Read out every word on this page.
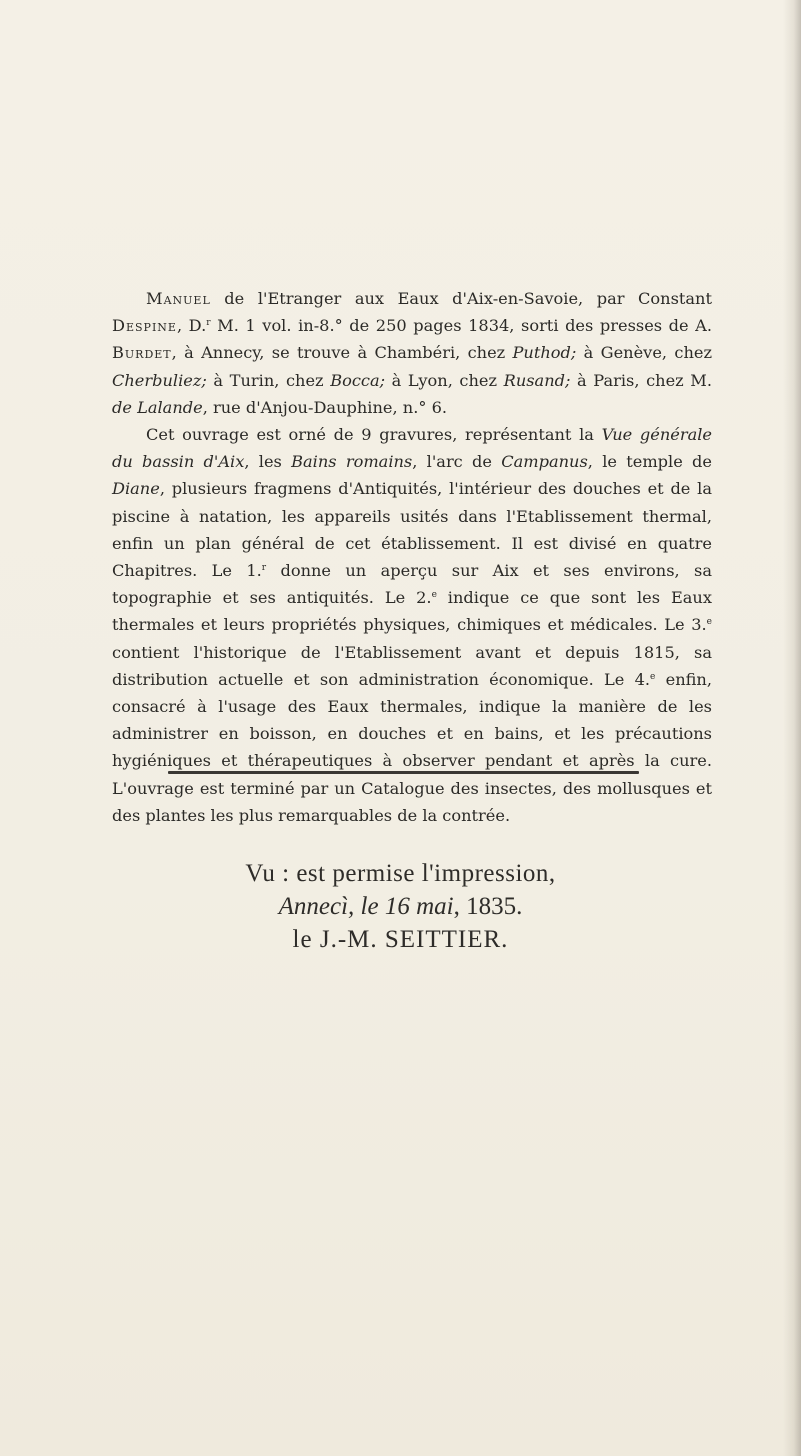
Manuel de l'Etranger aux Eaux d'Aix-en-Savoie, par Constant Despine, D.$^r$ M. 1 vol. in-8.° de 250 pages 1834, sorti des presses de A. Burdet, à Annecy, se trouve à Chambéri, chez Puthod; à Genève, chez Cherbuliez; à Turin, chez Bocca; à Lyon, chez Rusand; à Paris, chez M. de Lalande, rue d'Anjou-Dauphine, n.° 6.

Cet ouvrage est orné de 9 gravures, représentant la Vue générale du bassin d'Aix, les Bains romains, l'arc de Campanus, le temple de Diane, plusieurs fragmens d'Antiquités, l'intérieur des douches et de la piscine à natation, les appareils usités dans l'Etablissement thermal, enfin un plan général de cet établissement. Il est divisé en quatre Chapitres. Le 1.$^r$ donne un aperçu sur Aix et ses environs, sa topographie et ses antiquités. Le 2.$^e$ indique ce que sont les Eaux thermales et leurs propriétés physiques, chimiques et médicales. Le 3.$^e$ contient l'historique de l'Etablissement avant et depuis 1815, sa distribution actuelle et son administration économique. Le 4.$^e$ enfin, consacré à l'usage des Eaux thermales, indique la manière de les administrer en boisson, en douches et en bains, et les précautions hygiéniques et thérapeutiques à observer pendant et après la cure. L'ouvrage est terminé par un Catalogue des insectes, des mollusques et des plantes les plus remarquables de la contrée.

Vu : est permise l'impression,
Annecì, le 16 mai, 1835.
le J.-M. SEITTIER.
